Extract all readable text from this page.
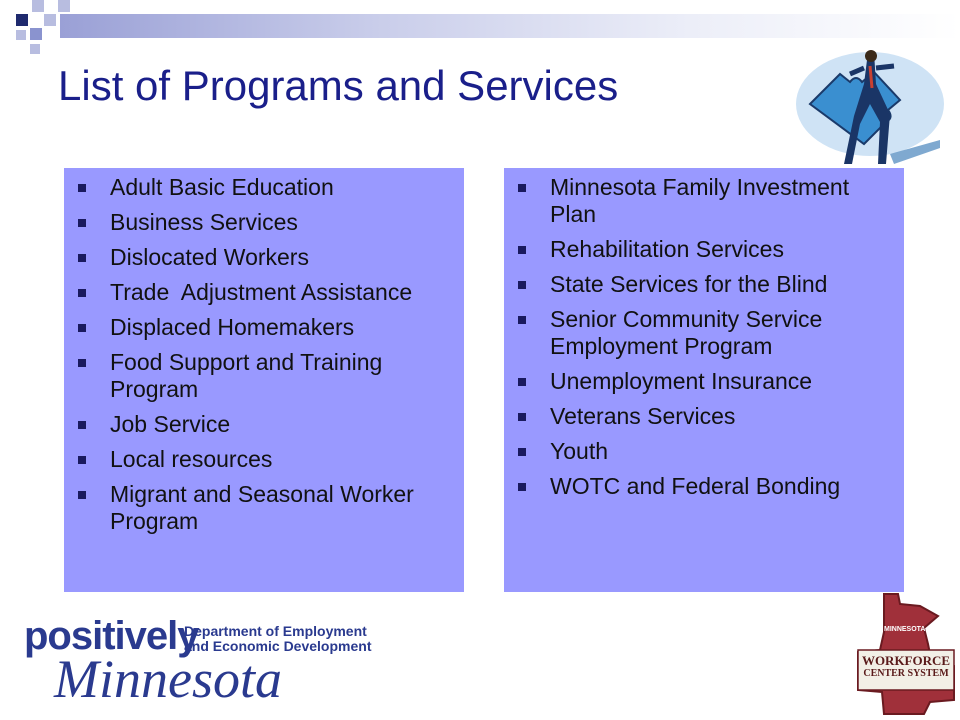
List of Programs and Services
Adult Basic Education
Business Services
Dislocated Workers
Trade  Adjustment Assistance
Displaced Homemakers
Food Support and Training Program
Job Service
Local resources
Migrant and Seasonal Worker Program
Minnesota Family Investment Plan
Rehabilitation Services
State Services for the Blind
Senior Community Service Employment Program
Unemployment Insurance
Veterans Services
Youth
WOTC and Federal Bonding
positively
Department of Employment
and Economic Development
Minnesota
MINNESOTA
WORKFORCE
CENTER SYSTEM
